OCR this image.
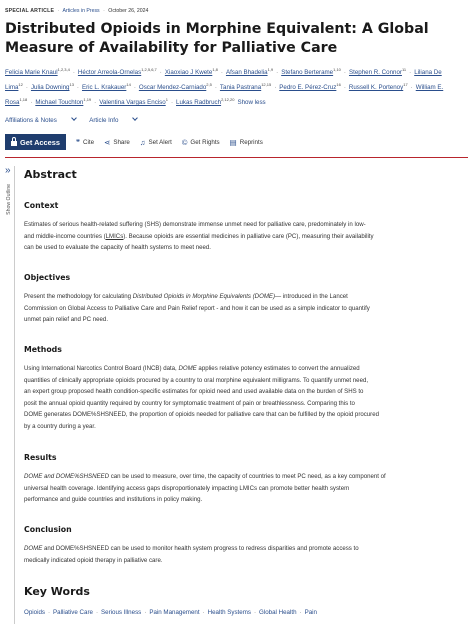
SPECIAL ARTICLE · Articles in Press · October 26, 2024
Distributed Opioids in Morphine Equivalent: A Global Measure of Availability for Palliative Care
Felicia Marie Knaul$^{1,2,3,4}$ · Héctor Arreola-Ornelas$^{1,2,5,6,7}$ · Xiaoxiao J Kwete$^{1,8}$ · Afsan Bhadelia$^{1,9}$ · Stefano Berterame$^{1,10}$ · Stephen R. Connor$^{11}$ · Liliana De Lima$^{12}$ · Julia Downing$^{13}$ · Eric L. Krakauer$^{14}$ · Oscar Mendez-Carniado$^{2,5}$ · Tania Pastrana$^{12,15}$ · Pedro E. Pérez-Cruz$^{16}$ · Russell K. Portenoy$^{17}$ · William E. Rosa$^{1,18}$ · Michael Touchton$^{1,19}$ · Valentina Vargas Enciso$^1$ · Lukas Radbruch$^{2,12,20}$ Show less
Affiliations & Notes	Article Info
Get Access ❞ Cite ⋖ Share ♫ Set Alert © Get Rights ▤ Reprints
»
Show Outline
Abstract
Context
Estimates of serious health-related suffering (SHS) demonstrate immense unmet need for palliative care, predominately in low-
and middle-income countries (LMICs). Because opioids are essential medicines in palliative care (PC), measuring their availability
can be used to evaluate the capacity of health systems to meet need.
Objectives
Present the methodology for calculating Distributed Opioids in Morphine Equivalents (DOME)— introduced in the Lancet
Commission on Global Access to Palliative Care and Pain Relief report - and how it can be used as a simple indicator to quantify
unmet pain relief and PC need.
Methods
Using International Narcotics Control Board (INCB) data, DOME applies relative potency estimates to convert the annualized
quantities of clinically appropriate opioids procured by a country to oral morphine equivalent milligrams. To quantify unmet need,
an expert group proposed health condition-specific estimates for opioid need and used available data on the burden of SHS to
posit the annual opioid quantity required by country for symptomatic treatment of pain or breathlessness. Comparing this to
DOME generates DOME%SHSNEED, the proportion of opioids needed for palliative care that can be fulfilled by the opioid procured
by a country during a year.
Results
DOME and DOME%SHSNEED can be used to measure, over time, the capacity of countries to meet PC need, as a key component of
universal health coverage. Identifying access gaps disproportionately impacting LMICs can promote better health system
performance and guide countries and institutions in policy making.
Conclusion
DOME and DOME%SHSNEED can be used to monitor health system progress to redress disparities and promote access to
medically indicated opioid therapy in palliative care.
Key Words
Opioids · Palliative Care · Serious Illness · Pain Management · Health Systems · Global Health · Pain
